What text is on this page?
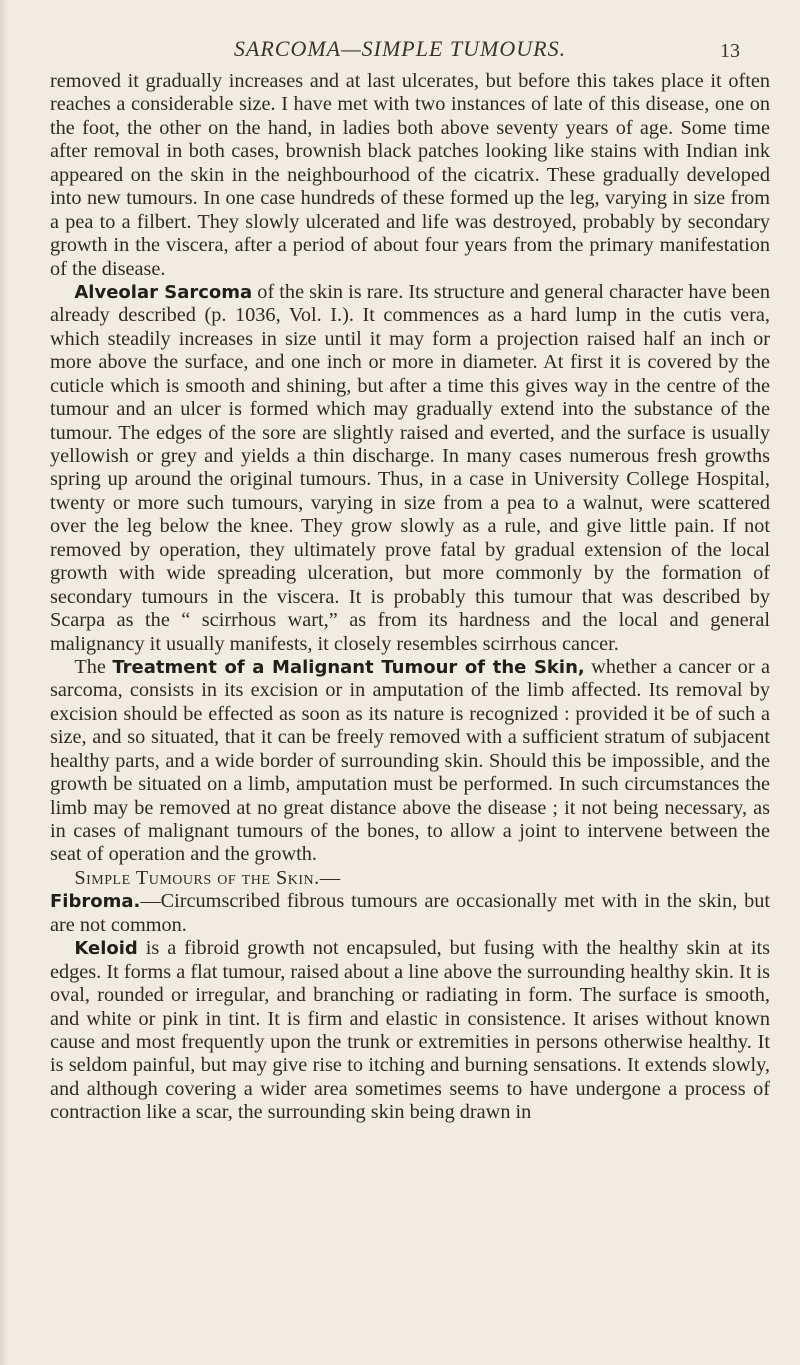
SARCOMA—SIMPLE TUMOURS.	13

removed it gradually increases and at last ulcerates, but before this takes place it often reaches a considerable size. I have met with two instances of late of this disease, one on the foot, the other on the hand, in ladies both above seventy years of age. Some time after removal in both cases, brownish black patches looking like stains with Indian ink appeared on the skin in the neighbourhood of the cicatrix. These gradually developed into new tumours. In one case hundreds of these formed up the leg, varying in size from a pea to a filbert. They slowly ulcerated and life was destroyed, probably by secondary growth in the viscera, after a period of about four years from the primary manifestation of the disease.

Alveolar Sarcoma of the skin is rare. Its structure and general character have been already described (p. 1036, Vol. I.). It commences as a hard lump in the cutis vera, which steadily increases in size until it may form a projection raised half an inch or more above the surface, and one inch or more in diameter. At first it is covered by the cuticle which is smooth and shining, but after a time this gives way in the centre of the tumour and an ulcer is formed which may gradually extend into the substance of the tumour. The edges of the sore are slightly raised and everted, and the surface is usually yellowish or grey and yields a thin discharge. In many cases numerous fresh growths spring up around the original tumours. Thus, in a case in University College Hospital, twenty or more such tumours, varying in size from a pea to a walnut, were scattered over the leg below the knee. They grow slowly as a rule, and give little pain. If not removed by operation, they ultimately prove fatal by gradual extension of the local growth with wide spreading ulceration, but more commonly by the formation of secondary tumours in the viscera. It is probably this tumour that was described by Scarpa as the “ scirrhous wart,” as from its hardness and the local and general malignancy it usually manifests, it closely resembles scirrhous cancer.

The Treatment of a Malignant Tumour of the Skin, whether a cancer or a sarcoma, consists in its excision or in amputation of the limb affected. Its removal by excision should be effected as soon as its nature is recognized : provided it be of such a size, and so situated, that it can be freely removed with a sufficient stratum of subjacent healthy parts, and a wide border of surrounding skin. Should this be impossible, and the growth be situated on a limb, amputation must be performed. In such circumstances the limb may be removed at no great distance above the disease ; it not being necessary, as in cases of malignant tumours of the bones, to allow a joint to intervene between the seat of operation and the growth.

Simple Tumours of the Skin.—

Fibroma.—Circumscribed fibrous tumours are occasionally met with in the skin, but are not common.

Keloid is a fibroid growth not encapsuled, but fusing with the healthy skin at its edges. It forms a flat tumour, raised about a line above the surrounding healthy skin. It is oval, rounded or irregular, and branching or radiating in form. The surface is smooth, and white or pink in tint. It is firm and elastic in consistence. It arises without known cause and most frequently upon the trunk or extremities in persons otherwise healthy. It is seldom painful, but may give rise to itching and burning sensations. It extends slowly, and although covering a wider area sometimes seems to have undergone a process of contraction like a scar, the surrounding skin being drawn in
